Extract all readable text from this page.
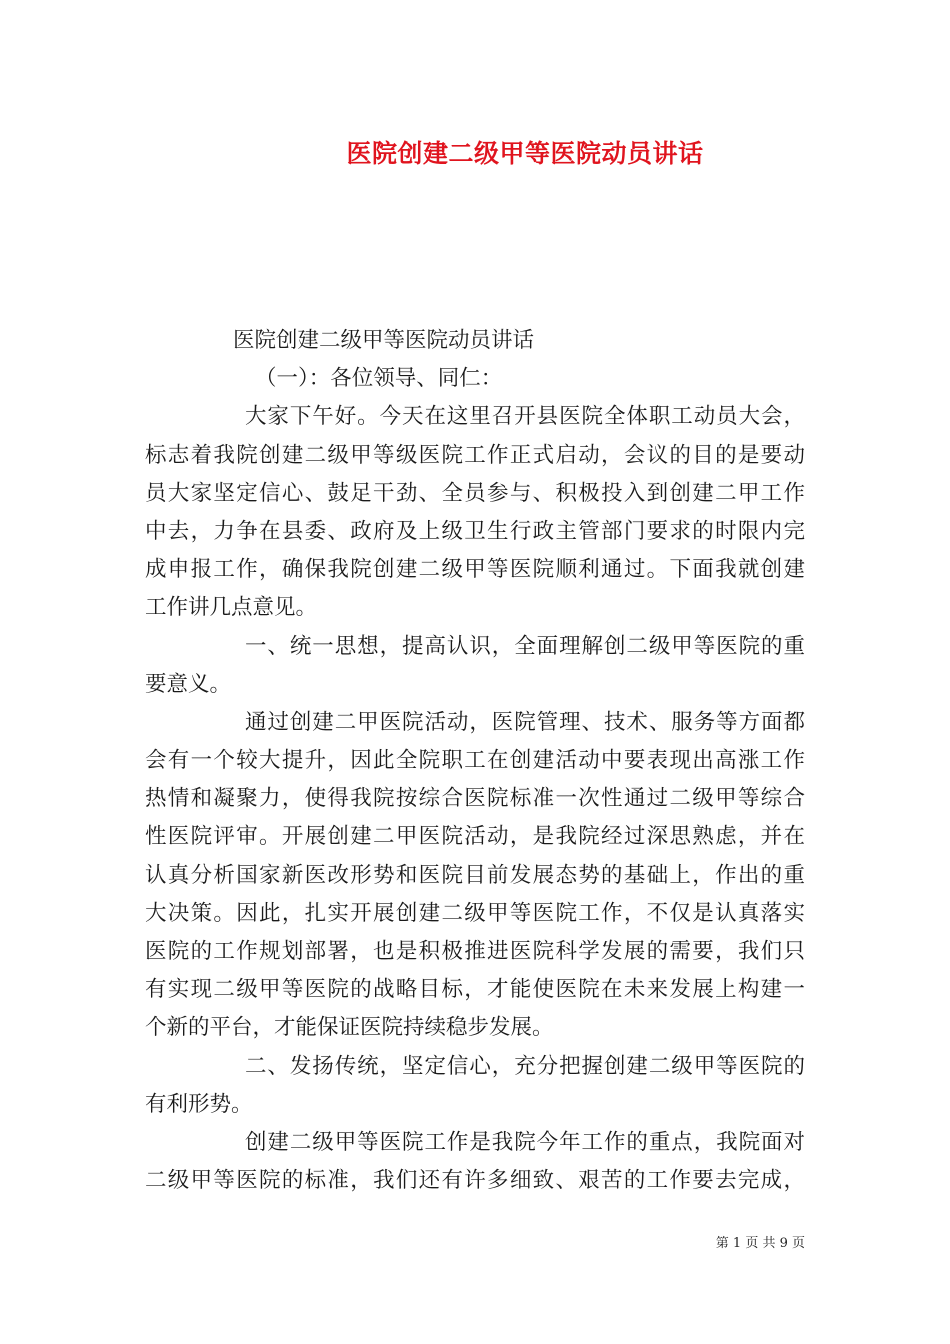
医院创建二级甲等医院动员讲话
医院创建二级甲等医院动员讲话
（一）：各位领导、同仁：
大家下午好。今天在这里召开县医院全体职工动员大会，
标志着我院创建二级甲等级医院工作正式启动，会议的目的是要动
员大家坚定信心、鼓足干劲、全员参与、积极投入到创建二甲工作
中去，力争在县委、政府及上级卫生行政主管部门要求的时限内完
成申报工作，确保我院创建二级甲等医院顺利通过。下面我就创建
工作讲几点意见。
一、统一思想，提高认识，全面理解创二级甲等医院的重
要意义。
通过创建二甲医院活动，医院管理、技术、服务等方面都
会有一个较大提升，因此全院职工在创建活动中要表现出高涨工作
热情和凝聚力，使得我院按综合医院标准一次性通过二级甲等综合
性医院评审。开展创建二甲医院活动，是我院经过深思熟虑，并在
认真分析国家新医改形势和医院目前发展态势的基础上，作出的重
大决策。因此，扎实开展创建二级甲等医院工作，不仅是认真落实
医院的工作规划部署，也是积极推进医院科学发展的需要，我们只
有实现二级甲等医院的战略目标，才能使医院在未来发展上构建一
个新的平台，才能保证医院持续稳步发展。
二、发扬传统，坚定信心，充分把握创建二级甲等医院的
有利形势。
创建二级甲等医院工作是我院今年工作的重点，我院面对
二级甲等医院的标准，我们还有许多细致、艰苦的工作要去完成，
第 1 页 共 9 页
